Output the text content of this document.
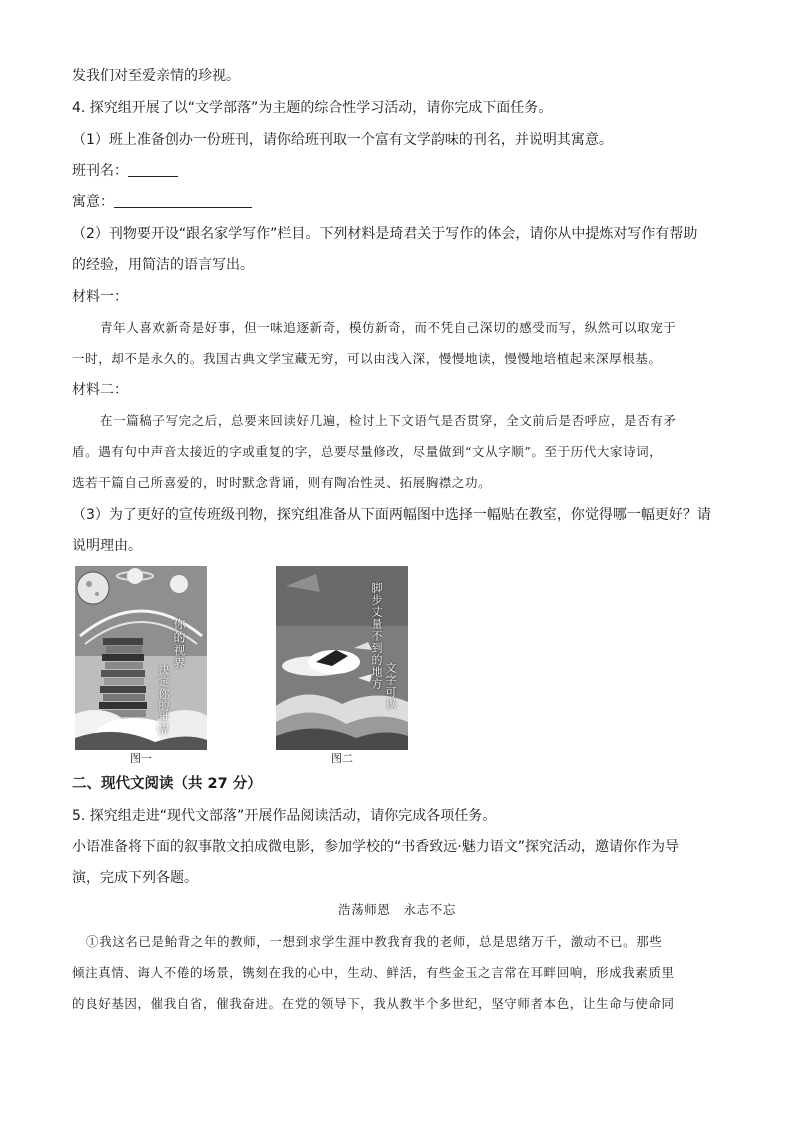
发我们对至爱亲情的珍视。
4. 探究组开展了以“文学部落”为主题的综合性学习活动，请你完成下面任务。
（1）班上准备创办一份班刊，请你给班刊取一个富有文学韵味的刊名，并说明其寓意。
班刊名：
寓意：
（2）刊物要开设“跟名家学写作”栏目。下列材料是琦君关于写作的体会，请你从中提炼对写作有帮助
的经验，用简洁的语言写出。
材料一：
青年人喜欢新奇是好事，但一味追逐新奇，模仿新奇，而不凭自己深切的感受而写，纵然可以取宠于
一时，却不是永久的。我国古典文学宝藏无穷，可以由浅入深，慢慢地读，慢慢地培植起来深厚根基。
材料二：
在一篇稿子写完之后，总要来回读好几遍，检讨上下文语气是否贯穿，全文前后是否呼应，是否有矛
盾。遇有句中声音太接近的字或重复的字，总要尽量修改，尽量做到“文从字顺”。至于历代大家诗词，
选若干篇自己所喜爱的，时时默念背诵，则有陶冶性灵、拓展胸襟之功。
（3）为了更好的宣传班级刊物，探究组准备从下面两幅图中选择一幅贴在教室，你觉得哪一幅更好？请
说明理由。
你的视界
决定你的世界
图一
脚步丈量不到的地方 文字可以
图二
二、现代文阅读（共 27 分）
5. 探究组走进“现代文部落”开展作品阅读活动，请你完成各项任务。
小语准备将下面的叙事散文拍成微电影，参加学校的“书香致远·魅力语文”探究活动，邀请你作为导
演，完成下列各题。
浩荡师恩　永志不忘
①我这名已是鲐背之年的教师，一想到求学生涯中教我育我的老师，总是思绪万千，激动不已。那些
倾注真情、诲人不倦的场景，镌刻在我的心中，生动、鲜活，有些金玉之言常在耳畔回响，形成我素质里
的良好基因，催我自省，催我奋进。在党的领导下，我从教半个多世纪，坚守师者本色，让生命与使命同
